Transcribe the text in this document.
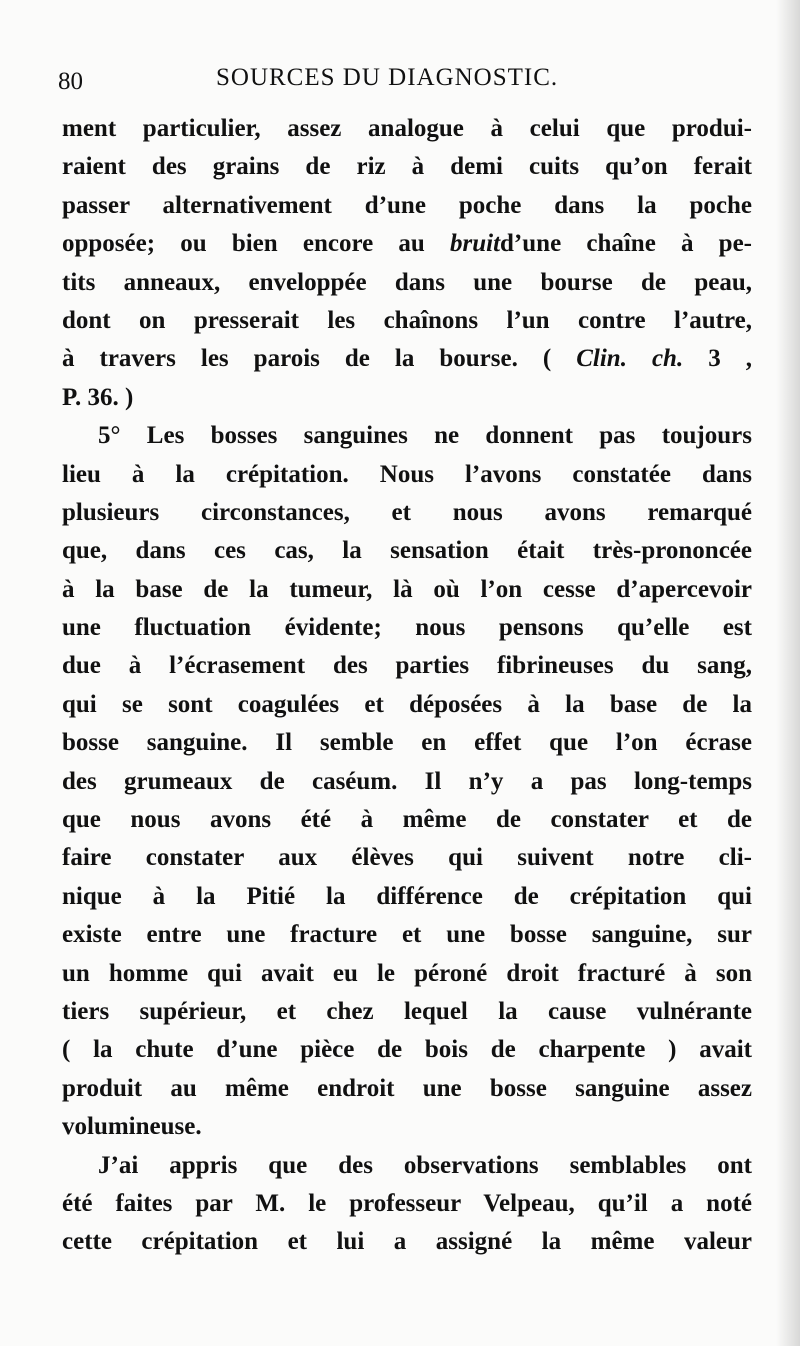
80	SOURCES DU DIAGNOSTIC.
ment particulier, assez analogue à celui que produi-
raient des grains de riz à demi cuits qu’on ferait
passer alternativement d’une poche dans la poche
opposée; ou bien encore au bruitd’une chaîne à pe-
tits anneaux, enveloppée dans une bourse de peau,
dont on presserait les chaînons l’un contre l’autre,
à travers les parois de la bourse. ( Clin. ch. 3 ,
P. 36. )
5° Les bosses sanguines ne donnent pas toujours
lieu à la crépitation. Nous l’avons constatée dans
plusieurs circonstances, et nous avons remarqué
que, dans ces cas, la sensation était très-prononcée
à la base de la tumeur, là où l’on cesse d’apercevoir
une fluctuation évidente; nous pensons qu’elle est
due à l’écrasement des parties fibrineuses du sang,
qui se sont coagulées et déposées à la base de la
bosse sanguine. Il semble en effet que l’on écrase
des grumeaux de caséum. Il n’y a pas long-temps
que nous avons été à même de constater et de
faire constater aux élèves qui suivent notre cli-
nique à la Pitié la différence de crépitation qui
existe entre une fracture et une bosse sanguine, sur
un homme qui avait eu le péroné droit fracturé à son
tiers supérieur, et chez lequel la cause vulnérante
( la chute d’une pièce de bois de charpente ) avait
produit au même endroit une bosse sanguine assez
volumineuse.
J’ai appris que des observations semblables ont
été faites par M. le professeur Velpeau, qu’il a noté
cette crépitation et lui a assigné la même valeur
